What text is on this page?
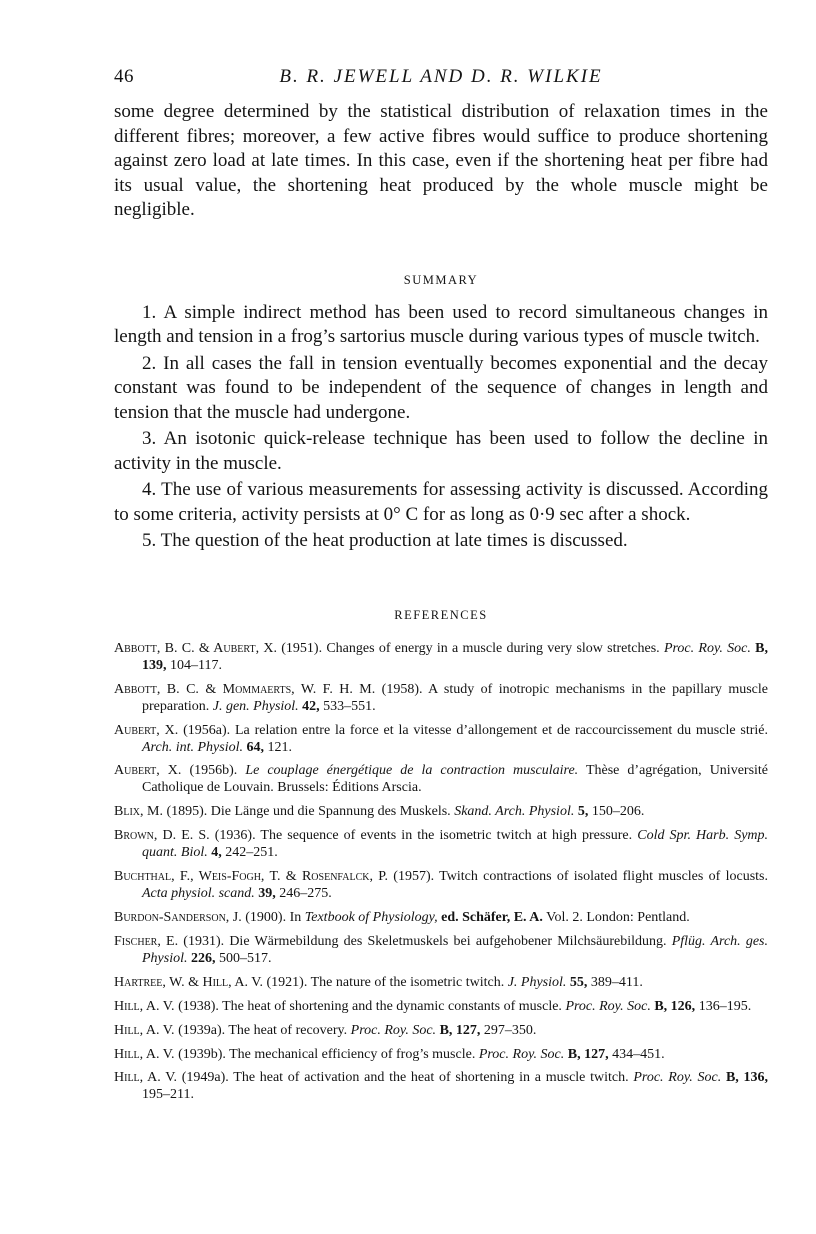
46	B. R. JEWELL AND D. R. WILKIE

some degree determined by the statistical distribution of relaxation times in the different fibres; moreover, a few active fibres would suffice to produce shortening against zero load at late times. In this case, even if the shortening heat per fibre had its usual value, the shortening heat produced by the whole muscle might be negligible.

SUMMARY

1. A simple indirect method has been used to record simultaneous changes in length and tension in a frog’s sartorius muscle during various types of muscle twitch.

2. In all cases the fall in tension eventually becomes exponential and the decay constant was found to be independent of the sequence of changes in length and tension that the muscle had undergone.

3. An isotonic quick-release technique has been used to follow the decline in activity in the muscle.

4. The use of various measurements for assessing activity is discussed. According to some criteria, activity persists at 0° C for as long as 0·9 sec after a shock.

5. The question of the heat production at late times is discussed.

REFERENCES

Abbott, B. C. & Aubert, X. (1951). Changes of energy in a muscle during very slow stretches. Proc. Roy. Soc. B, 139, 104–117.

Abbott, B. C. & Mommaerts, W. F. H. M. (1958). A study of inotropic mechanisms in the papillary muscle preparation. J. gen. Physiol. 42, 533–551.

Aubert, X. (1956a). La relation entre la force et la vitesse d’allongement et de raccourcissement du muscle strié. Arch. int. Physiol. 64, 121.

Aubert, X. (1956b). Le couplage énergétique de la contraction musculaire. Thèse d’agrégation, Université Catholique de Louvain. Brussels: Éditions Arscia.

Blix, M. (1895). Die Länge und die Spannung des Muskels. Skand. Arch. Physiol. 5, 150–206.

Brown, D. E. S. (1936). The sequence of events in the isometric twitch at high pressure. Cold Spr. Harb. Symp. quant. Biol. 4, 242–251.

Buchthal, F., Weis-Fogh, T. & Rosenfalck, P. (1957). Twitch contractions of isolated flight muscles of locusts. Acta physiol. scand. 39, 246–275.

Burdon-Sanderson, J. (1900). In Textbook of Physiology, ed. Schäfer, E. A. Vol. 2. London: Pentland.

Fischer, E. (1931). Die Wärmebildung des Skeletmuskels bei aufgehobener Milchsäurebildung. Pflüg. Arch. ges. Physiol. 226, 500–517.

Hartree, W. & Hill, A. V. (1921). The nature of the isometric twitch. J. Physiol. 55, 389–411.

Hill, A. V. (1938). The heat of shortening and the dynamic constants of muscle. Proc. Roy. Soc. B, 126, 136–195.

Hill, A. V. (1939a). The heat of recovery. Proc. Roy. Soc. B, 127, 297–350.

Hill, A. V. (1939b). The mechanical efficiency of frog’s muscle. Proc. Roy. Soc. B, 127, 434–451.

Hill, A. V. (1949a). The heat of activation and the heat of shortening in a muscle twitch. Proc. Roy. Soc. B, 136, 195–211.
